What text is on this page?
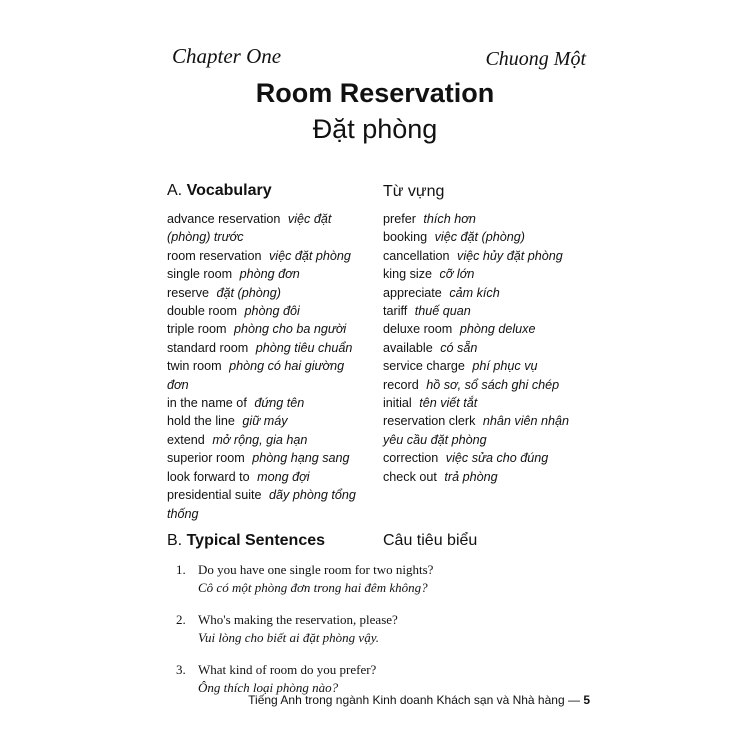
Chapter One	Chuong Một
Room Reservation
Đặt phòng
A. Vocabulary	Từ vựng
advance reservation việc đặt (phòng) trước
room reservation việc đặt phòng
single room phòng đơn
reserve đặt (phòng)
double room phòng đôi
triple room phòng cho ba người
standard room phòng tiêu chuẩn
twin room phòng có hai giường đơn
in the name of đứng tên
hold the line giữ máy
extend mở rộng, gia hạn
superior room phòng hạng sang
look forward to mong đợi
presidential suite dãy phòng tổng thống
prefer thích hơn
booking việc đặt (phòng)
cancellation việc hủy đặt phòng
king size cỡ lớn
appreciate cảm kích
tariff thuế quan
deluxe room phòng deluxe
available có sẵn
service charge phí phục vụ
record hồ sơ, sổ sách ghi chép
initial tên viết tắt
reservation clerk nhân viên nhận yêu cầu đặt phòng
correction việc sửa cho đúng
check out trả phòng
B. Typical Sentences	Câu tiêu biểu
1. Do you have one single room for two nights?
Cô có một phòng đơn trong hai đêm không?
2. Who's making the reservation, please?
Vui lòng cho biết ai đặt phòng vậy.
3. What kind of room do you prefer?
Ông thích loại phòng nào?
Tiếng Anh trong ngành Kinh doanh Khách sạn và Nhà hàng — 5
